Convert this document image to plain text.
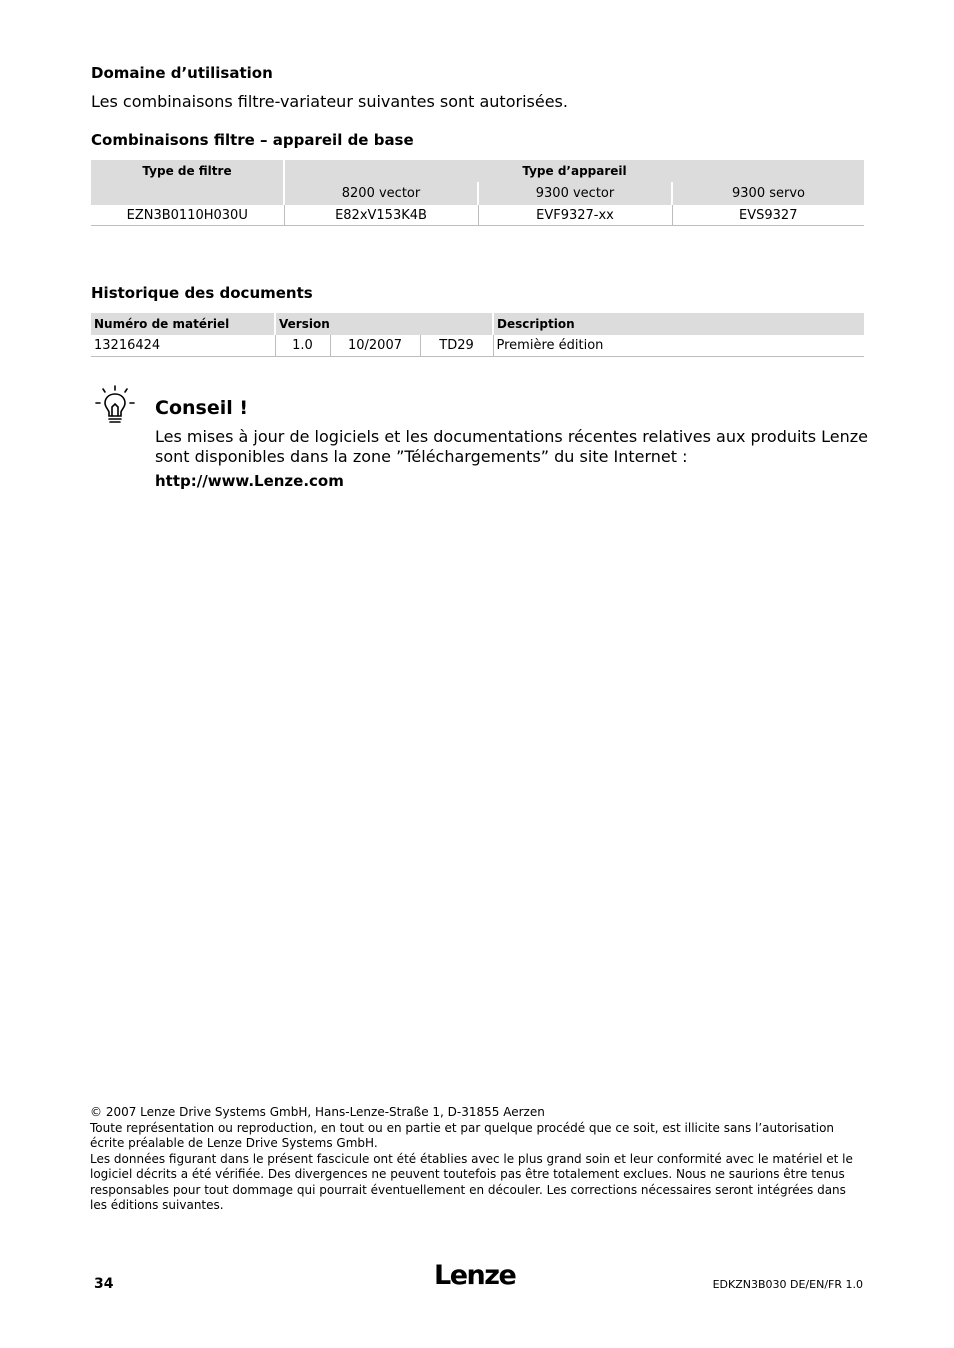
Domaine d’utilisation
Les combinaisons filtre-variateur suivantes sont autorisées.
Combinaisons filtre – appareil de base
Type de filtre	Type d’appareil		
	8200 vector	9300 vector	9300 servo
EZN3B0110H030U	E82xV153K4B	EVF9327-xx	EVS9327
Historique des documents
Numéro de matériel	Version			Description
13216424	1.0	10/2007	TD29	Première édition
Conseil !
Les mises à jour de logiciels et les documentations récentes relatives aux produits Lenze
sont disponibles dans la zone ”Téléchargements” du site Internet :
http://www.Lenze.com
© 2007 Lenze Drive Systems GmbH, Hans-Lenze-Straße 1, D-31855 Aerzen
Toute représentation ou reproduction, en tout ou en partie et par quelque procédé que ce soit, est illicite sans l’autorisation écrite préalable de Lenze Drive Systems GmbH.
Les données figurant dans le présent fascicule ont été établies avec le plus grand soin et leur conformité avec le matériel et le logiciel décrits a été vérifiée. Des divergences ne peuvent toutefois pas être totalement exclues. Nous ne saurions être tenus responsables pour tout dommage qui pourrait éventuellement en découler. Les corrections nécessaires seront intégrées dans les éditions suivantes.
34	Lenze	EDKZN3B030 DE/EN/FR 1.0
